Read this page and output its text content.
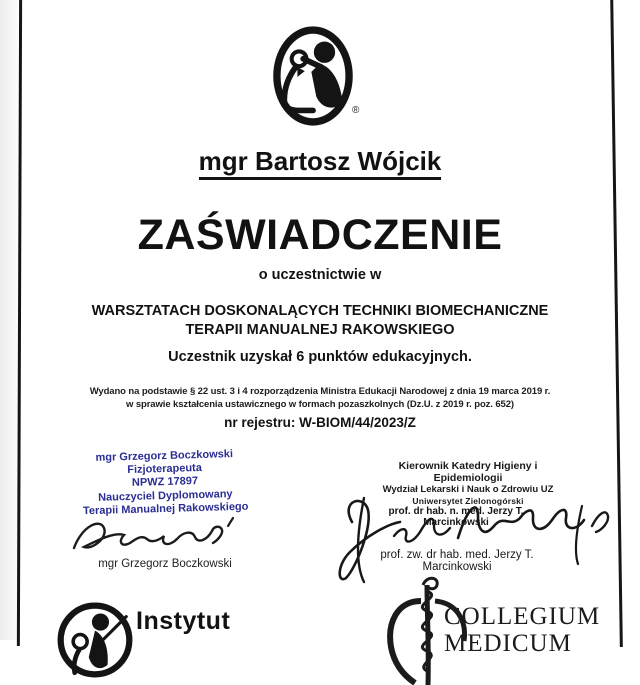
®
mgr Bartosz Wójcik
ZAŚWIADCZENIE
o uczestnictwie w
WARSZTATACH DOSKONALĄCYCH TECHNIKI BIOMECHANICZNE
TERAPII MANUALNEJ RAKOWSKIEGO
Uczestnik uzyskał 6 punktów edukacyjnych.
Wydano na podstawie § 22 ust. 3 i 4 rozporządzenia Ministra Edukacji Narodowej z dnia 19 marca 2019 r.
w sprawie kształcenia ustawicznego w formach pozaszkolnych (Dz.U. z 2019 r. poz. 652)
nr rejestru: W-BIOM/44/2023/Z
mgr Grzegorz Boczkowski
Fizjoterapeuta
NPWZ 17897
Nauczyciel Dyplomowany
Terapii Manualnej Rakowskiego
mgr Grzegorz Boczkowski
Kierownik Katedry Higieny i Epidemiologii
Wydział Lekarski i Nauk o Zdrowiu UZ
Uniwersytet Zielonogórski
prof. dr hab. n. med. Jerzy T. Marcinkowski
prof. zw. dr hab. med. Jerzy T. Marcinkowski
Instytut	COLLEGIUM
MEDICUM
